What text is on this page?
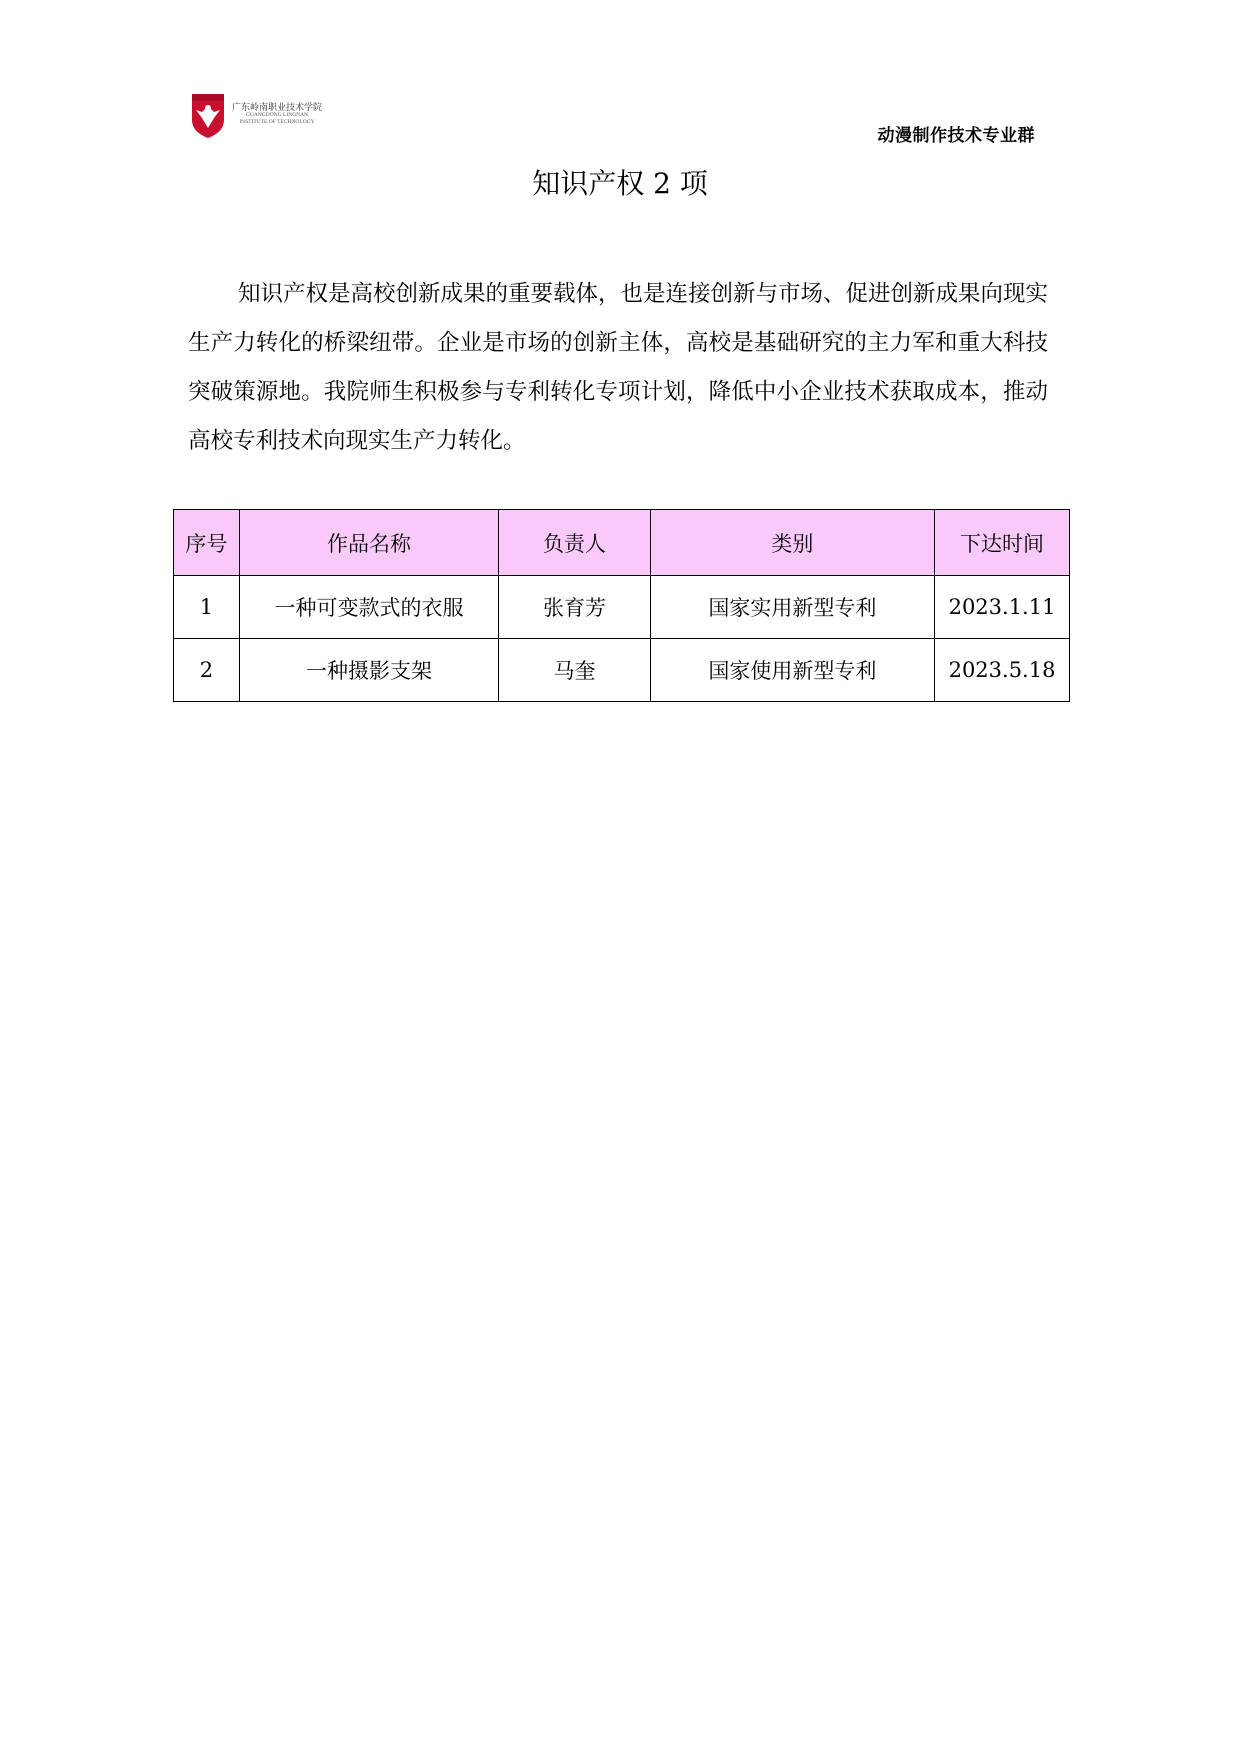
广东岭南职业技术学院
GUANGDONG LINGNAN INSTITUTE OF TECHNOLOGY
动漫制作技术专业群
知识产权 2 项

知识产权是高校创新成果的重要载体，也是连接创新与市场、促进创新成果向现实生产力转化的桥梁纽带。企业是市场的创新主体，高校是基础研究的主力军和重大科技突破策源地。我院师生积极参与专利转化专项计划，降低中小企业技术获取成本，推动高校专利技术向现实生产力转化。

序号	作品名称	负责人	类别	下达时间
1	一种可变款式的衣服	张育芳	国家实用新型专利	2023.1.11
2	一种摄影支架	马奎	国家使用新型专利	2023.5.18
